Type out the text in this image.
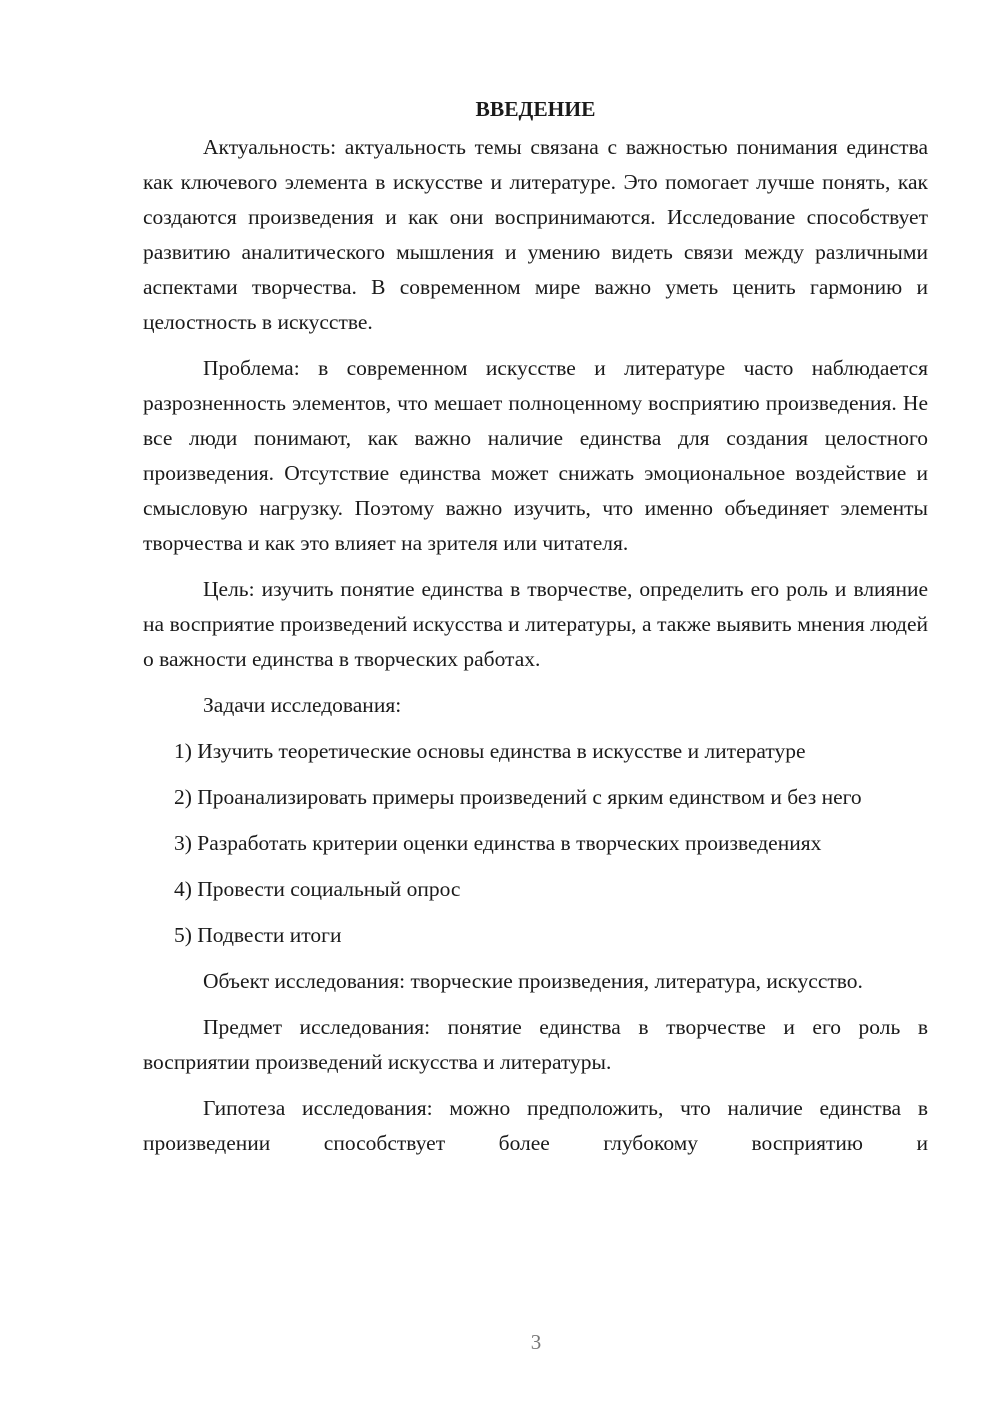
ВВЕДЕНИЕ

Актуальность: актуальность темы связана с важностью понимания единства как ключевого элемента в искусстве и литературе. Это помогает лучше понять, как создаются произведения и как они воспринимаются. Исследование способствует развитию аналитического мышления и умению видеть связи между различными аспектами творчества. В современном мире важно уметь ценить гармонию и целостность в искусстве.

Проблема: в современном искусстве и литературе часто наблюдается разрозненность элементов, что мешает полноценному восприятию произведения. Не все люди понимают, как важно наличие единства для создания целостного произведения. Отсутствие единства может снижать эмоциональное воздействие и смысловую нагрузку. Поэтому важно изучить, что именно объединяет элементы творчества и как это влияет на зрителя или читателя.

Цель: изучить понятие единства в творчестве, определить его роль и влияние на восприятие произведений искусства и литературы, а также выявить мнения людей о важности единства в творческих работах.

Задачи исследования:

1) Изучить теоретические основы единства в искусстве и литературе

2) Проанализировать примеры произведений с ярким единством и без него

3) Разработать критерии оценки единства в творческих произведениях

4) Провести социальный опрос

5) Подвести итоги

Объект исследования: творческие произведения, литература, искусство.

Предмет исследования: понятие единства в творчестве и его роль в восприятии произведений искусства и литературы.

Гипотеза исследования: можно предположить, что наличие единства в произведении способствует более глубокому восприятию и

3
